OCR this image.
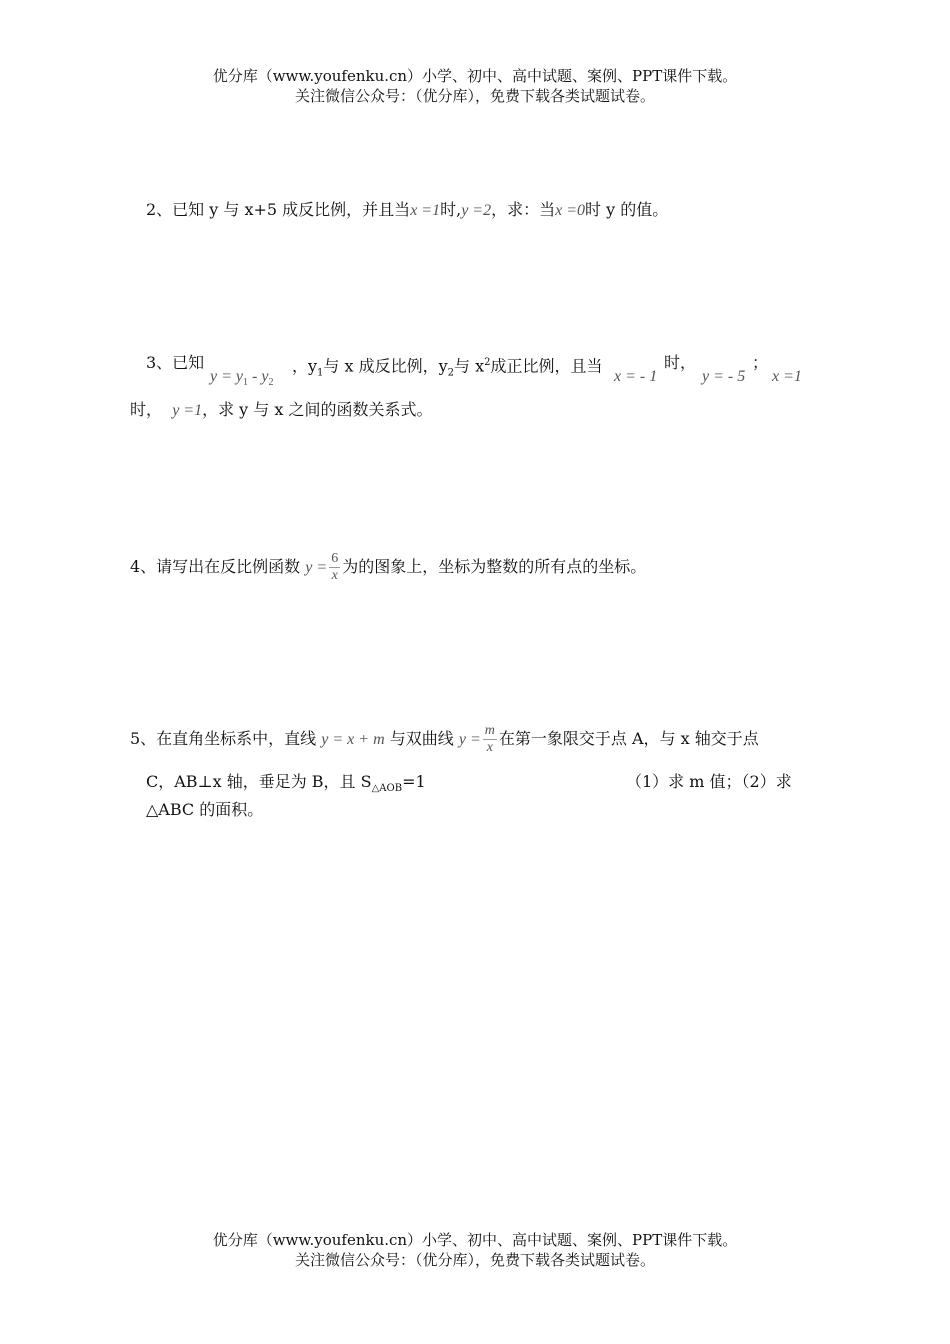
优分库（www.youfenku.cn）小学、初中、高中试题、案例、PPT课件下载。
关注微信公众号：（优分库），免费下载各类试题试卷。
2、已知 y 与 x+5 成反比例，并且当x =1时,y =2，求：当x =0时 y 的值。
3、已知
$y = y_1 - y_2$
，$y_1$与 x 成反比例，$y_2$与 $x^2$成正比例，且当
x = - 1
时，
y = - 5
；
x =1
时， y =1，求 y 与 x 之间的函数关系式。
4、请写出在反比例函数 $y = \frac{6}{x}$ 为的图象上，坐标为整数的所有点的坐标。
5、在直角坐标系中，直线 y = x + m 与双曲线 $y = \frac{m}{x}$ 在第一象限交于点 A，与 x 轴交于点
C，AB⊥x 轴，垂足为 B，且 $S_{\triangle AOB}=1$	（1）求 m 值；（2）求
△ABC 的面积。
优分库（www.youfenku.cn）小学、初中、高中试题、案例、PPT课件下载。
关注微信公众号：（优分库），免费下载各类试题试卷。
